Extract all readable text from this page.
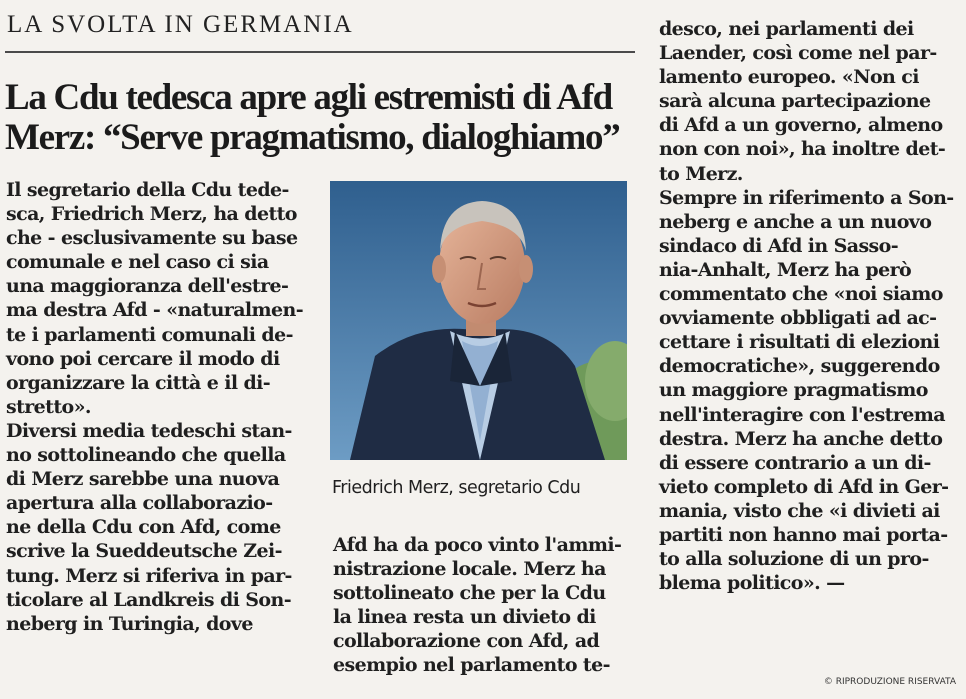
LA SVOLTA IN GERMANIA
La Cdu tedesca apre agli estremisti di Afd
Merz: “Serve pragmatismo, dialoghiamo”
Il segretario della Cdu tede-
sca, Friedrich Merz, ha detto
che - esclusivamente su base
comunale e nel caso ci sia
una maggioranza dell'estre-
ma destra Afd - «naturalmen-
te i parlamenti comunali de-
vono poi cercare il modo di
organizzare la città e il di-
stretto».
Diversi media tedeschi stan-
no sottolineando che quella
di Merz sarebbe una nuova
apertura alla collaborazio-
ne della Cdu con Afd, come
scrive la Sueddeutsche Zei-
tung. Merz si riferiva in par-
ticolare al Landkreis di Son-
neberg in Turingia, dove
Friedrich Merz, segretario Cdu
Afd ha da poco vinto l'ammi-
nistrazione locale. Merz ha
sottolineato che per la Cdu
la linea resta un divieto di
collaborazione con Afd, ad
esempio nel parlamento te-
desco, nei parlamenti dei
Laender, così come nel par-
lamento europeo. «Non ci
sarà alcuna partecipazione
di Afd a un governo, almeno
non con noi», ha inoltre det-
to Merz.
Sempre in riferimento a Son-
neberg e anche a un nuovo
sindaco di Afd in Sasso-
nia-Anhalt, Merz ha però
commentato che «noi siamo
ovviamente obbligati ad ac-
cettare i risultati di elezioni
democratiche», suggerendo
un maggiore pragmatismo
nell'interagire con l'estrema
destra. Merz ha anche detto
di essere contrario a un di-
vieto completo di Afd in Ger-
mania, visto che «i divieti ai
partiti non hanno mai porta-
to alla soluzione di un pro-
blema politico». —
© RIPRODUZIONE RISERVATA
